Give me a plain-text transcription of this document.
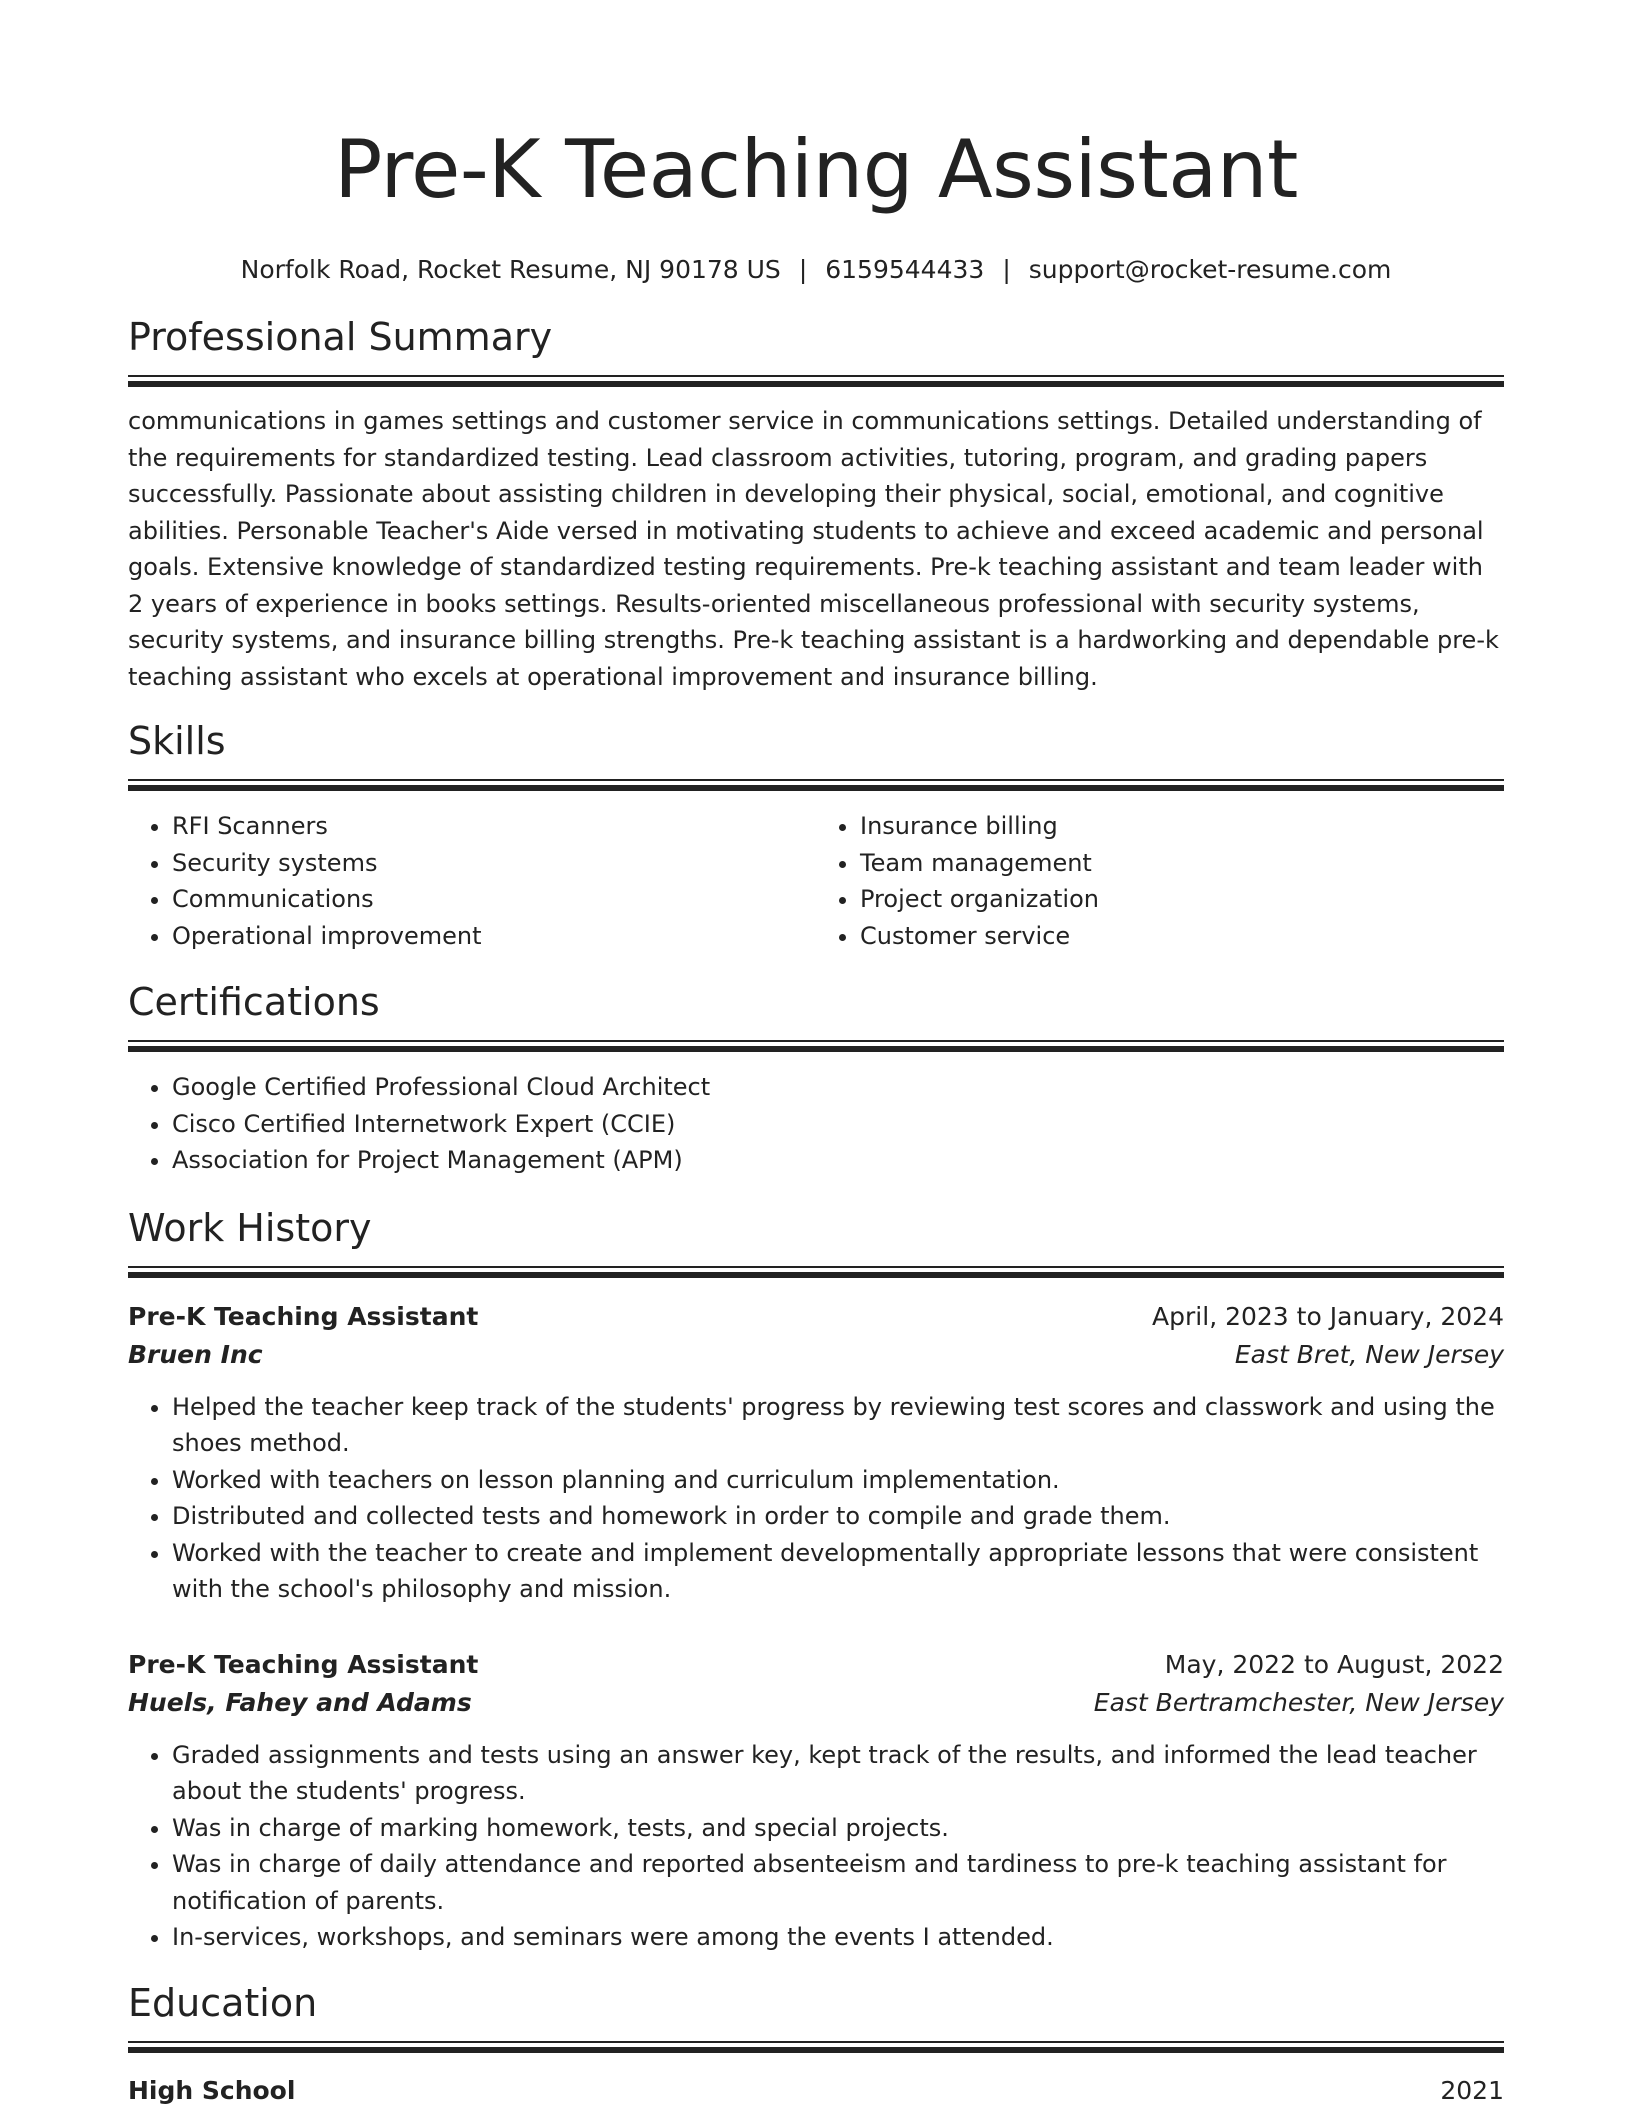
Pre-K Teaching Assistant
Norfolk Road, Rocket Resume, NJ 90178 US | 6159544433 | support@rocket-resume.com
Professional Summary

communications in games settings and customer service in communications settings. Detailed understanding of the requirements for standardized testing. Lead classroom activities, tutoring, program, and grading papers successfully. Passionate about assisting children in developing their physical, social, emotional, and cognitive abilities. Personable Teacher's Aide versed in motivating students to achieve and exceed academic and personal goals. Extensive knowledge of standardized testing requirements. Pre-k teaching assistant and team leader with 2 years of experience in books settings. Results-oriented miscellaneous professional with security systems, security systems, and insurance billing strengths. Pre-k teaching assistant is a hardworking and dependable pre-k teaching assistant who excels at operational improvement and insurance billing.

Skills
• RFI Scanners
• Security systems
• Communications
• Operational improvement
• Insurance billing
• Team management
• Project organization
• Customer service
Certifications
• Google Certified Professional Cloud Architect
• Cisco Certified Internetwork Expert (CCIE)
• Association for Project Management (APM)
Work History
Pre-K Teaching Assistant	April, 2023 to January, 2024
Bruen Inc	East Bret, New Jersey
• Helped the teacher keep track of the students' progress by reviewing test scores and classwork and using the shoes method.
• Worked with teachers on lesson planning and curriculum implementation.
• Distributed and collected tests and homework in order to compile and grade them.
• Worked with the teacher to create and implement developmentally appropriate lessons that were consistent with the school's philosophy and mission.
Pre-K Teaching Assistant	May, 2022 to August, 2022
Huels, Fahey and Adams	East Bertramchester, New Jersey
• Graded assignments and tests using an answer key, kept track of the results, and informed the lead teacher about the students' progress.
• Was in charge of marking homework, tests, and special projects.
• Was in charge of daily attendance and reported absenteeism and tardiness to pre-k teaching assistant for notification of parents.
• In-services, workshops, and seminars were among the events I attended.
Education
High School	2021
